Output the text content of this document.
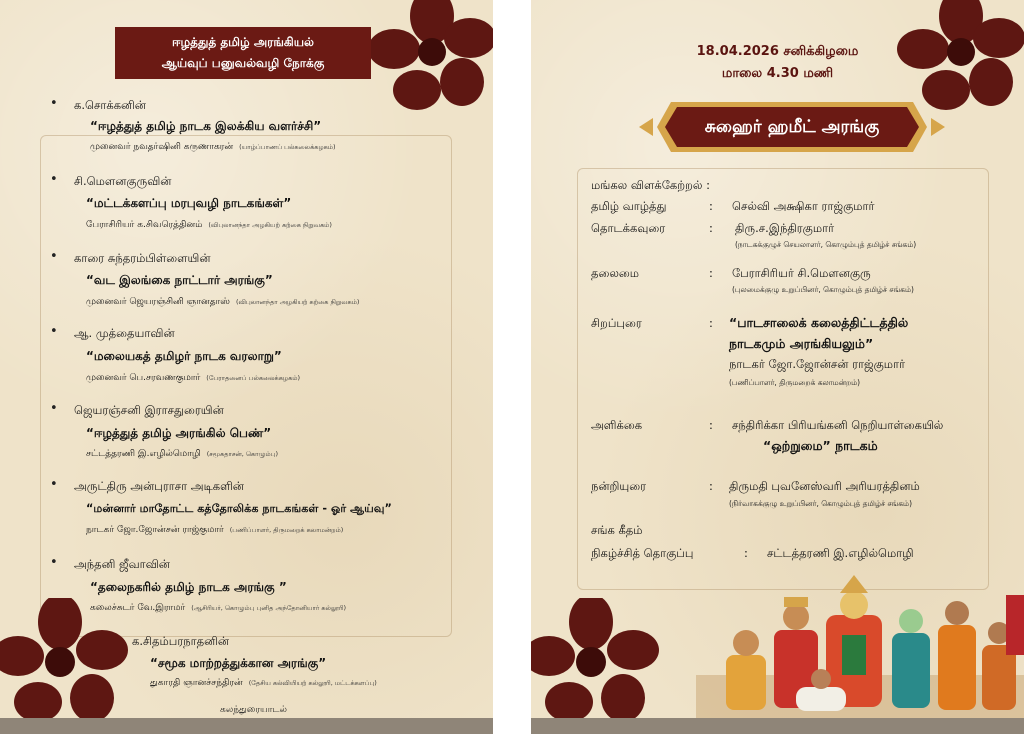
ஈழத்துத் தமிழ் அரங்கியல்
ஆய்வுப் பனுவல்வழி நோக்கு
• க.சொக்கனின்
“ஈழத்துத் தமிழ் நாடக இலக்கிய வளர்ச்சி”
முனைவர் நவதர்ஷினி கருணாகரன் (யாழ்ப்பாணப் பல்கலைக்கழகம்)
• சி.மௌனகுருவின்
“மட்டக்களப்பு மரபுவழி நாடகங்கள்”
பேராசிரியர் க.சிவரெத்தினம் (விபுலானந்தா அழகியற் கற்கை நிறுவகம்)
• காரை சுந்தரம்பிள்ளையின்
“வட இலங்கை நாட்டார் அரங்கு”
முனைவர் ஜெயரஞ்சினி ஞானதாஸ் (விபுலானந்தா அழகியற் கற்கை நிறுவகம்)
• ஆ. முத்தையாவின்
“மலையகத் தமிழர் நாடக வரலாறு”
முனைவர் பெ.சரவணகுமார் (பேராதனைப் பல்கலைக்கழகம்)
• ஜெயரஞ்சனி இராசதுரையின்
“ஈழத்துத் தமிழ் அரங்கில் பெண்”
சட்டத்தரணி இ.எழில்மொழி (சமூகதாசன், கொழும்பு)
• அருட்திரு அன்புராசா அடிகளின்
“மன்னார் மாதோட்ட கத்தோலிக்க நாடகங்கள் - ஓர் ஆய்வு”
நாடகர் ஜோ.ஜோன்சன் ராஜ்குமார் (பணிப்பாளர், திருமறைக் கலாமன்றம்)
• அந்தனி ஜீவாவின்
“தலைநகரில் தமிழ் நாடக அரங்கு ”
கலைச்சுடர் வே.இராமர் (ஆசிரியர், கொழும்பு புனித அந்தோனியார் கல்லூரி)
க.சிதம்பரநாதனின்
“சமூக மாற்றத்துக்கான அரங்கு”
துகாரதி ஞானச்சந்திரன் (தேசிய கல்வியியற் கல்லூரி, மட்டக்களப்பு)
கலந்துரையாடல்
18.04.2026 சனிக்கிழமை
மாலை 4.30 மணி
சுஹைர் ஹமீட் அரங்கு
மங்கல விளக்கேற்றல் :
தமிழ் வாழ்த்து	: செல்வி அக்ஷிகா ராஜ்குமார்
தொடக்கவுரை	: திரு.ச.இந்திரகுமார்
(நாடகக்குழுச் செயலாளர், கொழும்புத் தமிழ்ச் சங்கம்)
தலைமை	: பேராசிரியர் சி.மௌனகுரு
(புலமைக்குழு உறுப்பினர், கொழும்புத் தமிழ்ச் சங்கம்)
சிறப்புரை	: “பாடசாலைக் கலைத்திட்டத்தில்
நாடகமும் அரங்கியலும்”
நாடகர் ஜோ.ஜோன்சன் ராஜ்குமார்
(பணிப்பாளர், திருமறைக் கலாமன்றம்)
அளிக்கை	: சந்திரிக்கா பிரியங்கனி நெறியாள்கையில்
“ஒற்றுமை” நாடகம்
நன்றியுரை	: திருமதி புவனேஸ்வரி அரியரத்தினம்
(நிர்வாகக்குழு உறுப்பினர், கொழும்புத் தமிழ்ச் சங்கம்)
சங்க கீதம்
நிகழ்ச்சித் தொகுப்பு	: சட்டத்தரணி இ.எழில்மொழி
